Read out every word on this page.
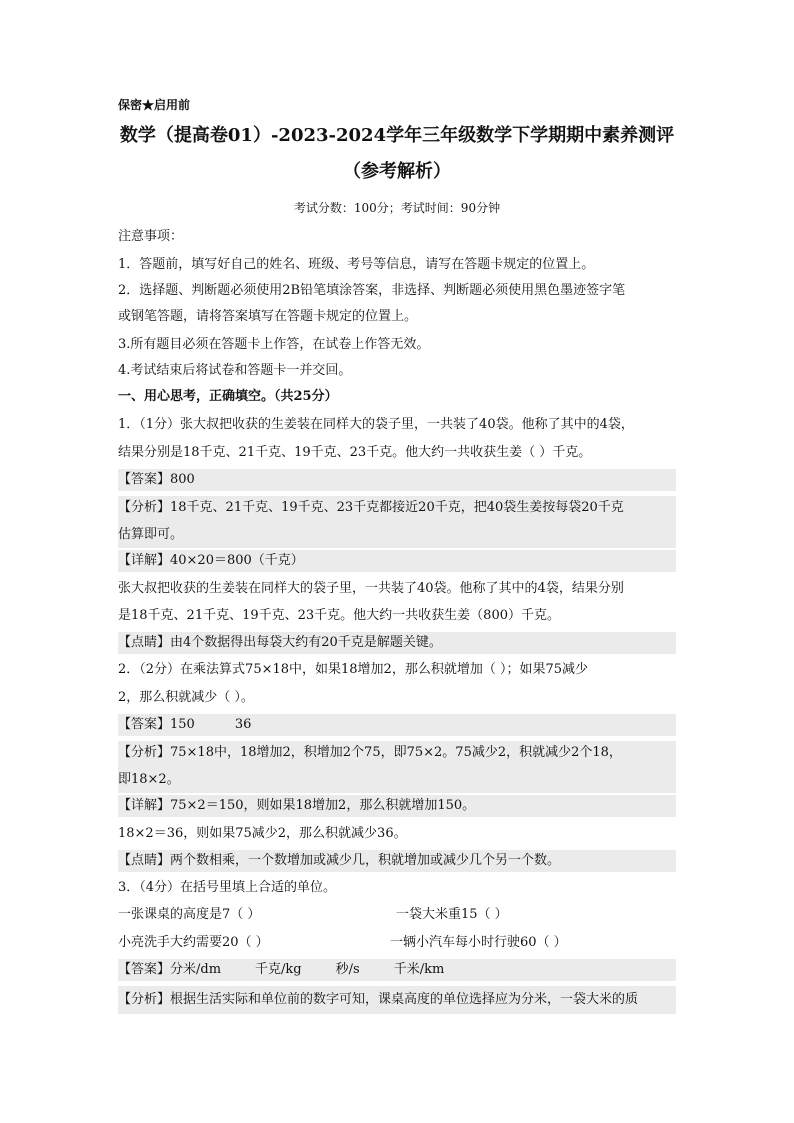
保密★启用前
数学（提高卷01）-2023-2024学年三年级数学下学期期中素养测评
（参考解析）
考试分数：100分；考试时间：90分钟
注意事项：
1．答题前，填写好自己的姓名、班级、考号等信息，请写在答题卡规定的位置上。
2．选择题、判断题必须使用2B铅笔填涂答案，非选择、判断题必须使用黑色墨迹签字笔
或钢笔答题，请将答案填写在答题卡规定的位置上。
3.所有题目必须在答题卡上作答，在试卷上作答无效。
4.考试结束后将试卷和答题卡一并交回。
一、用心思考，正确填空。（共25分）
1．（1分）张大叔把收获的生姜装在同样大的袋子里，一共装了40袋。他称了其中的4袋，
结果分别是18千克、21千克、19千克、23千克。他大约一共收获生姜（ ）千克。
【答案】800
【分析】18千克、21千克、19千克、23千克都接近20千克，把40袋生姜按每袋20千克
估算即可。
【详解】40×20＝800（千克）
张大叔把收获的生姜装在同样大的袋子里，一共装了40袋。他称了其中的4袋，结果分别
是18千克、21千克、19千克、23千克。他大约一共收获生姜（800）千克。
【点睛】由4个数据得出每袋大约有20千克是解题关键。
2．（2分）在乘法算式75×18中，如果18增加2，那么积就增加（ ）；如果75减少
2，那么积就减少（ ）。
【答案】150	36
【分析】75×18中，18增加2，积增加2个75，即75×2。75减少2，积就减少2个18，
即18×2。
【详解】75×2＝150，则如果18增加2，那么积就增加150。
18×2＝36，则如果75减少2，那么积就减少36。
【点睛】两个数相乘，一个数增加或减少几，积就增加或减少几个另一个数。
3．（4分）在括号里填上合适的单位。
一张课桌的高度是7（ ）	一袋大米重15（ ）
小亮洗手大约需要20（ ）	一辆小汽车每小时行驶60（ ）
【答案】分米/dm	千克/kg	秒/s	千米/km
【分析】根据生活实际和单位前的数字可知，课桌高度的单位选择应为分米，一袋大米的质
